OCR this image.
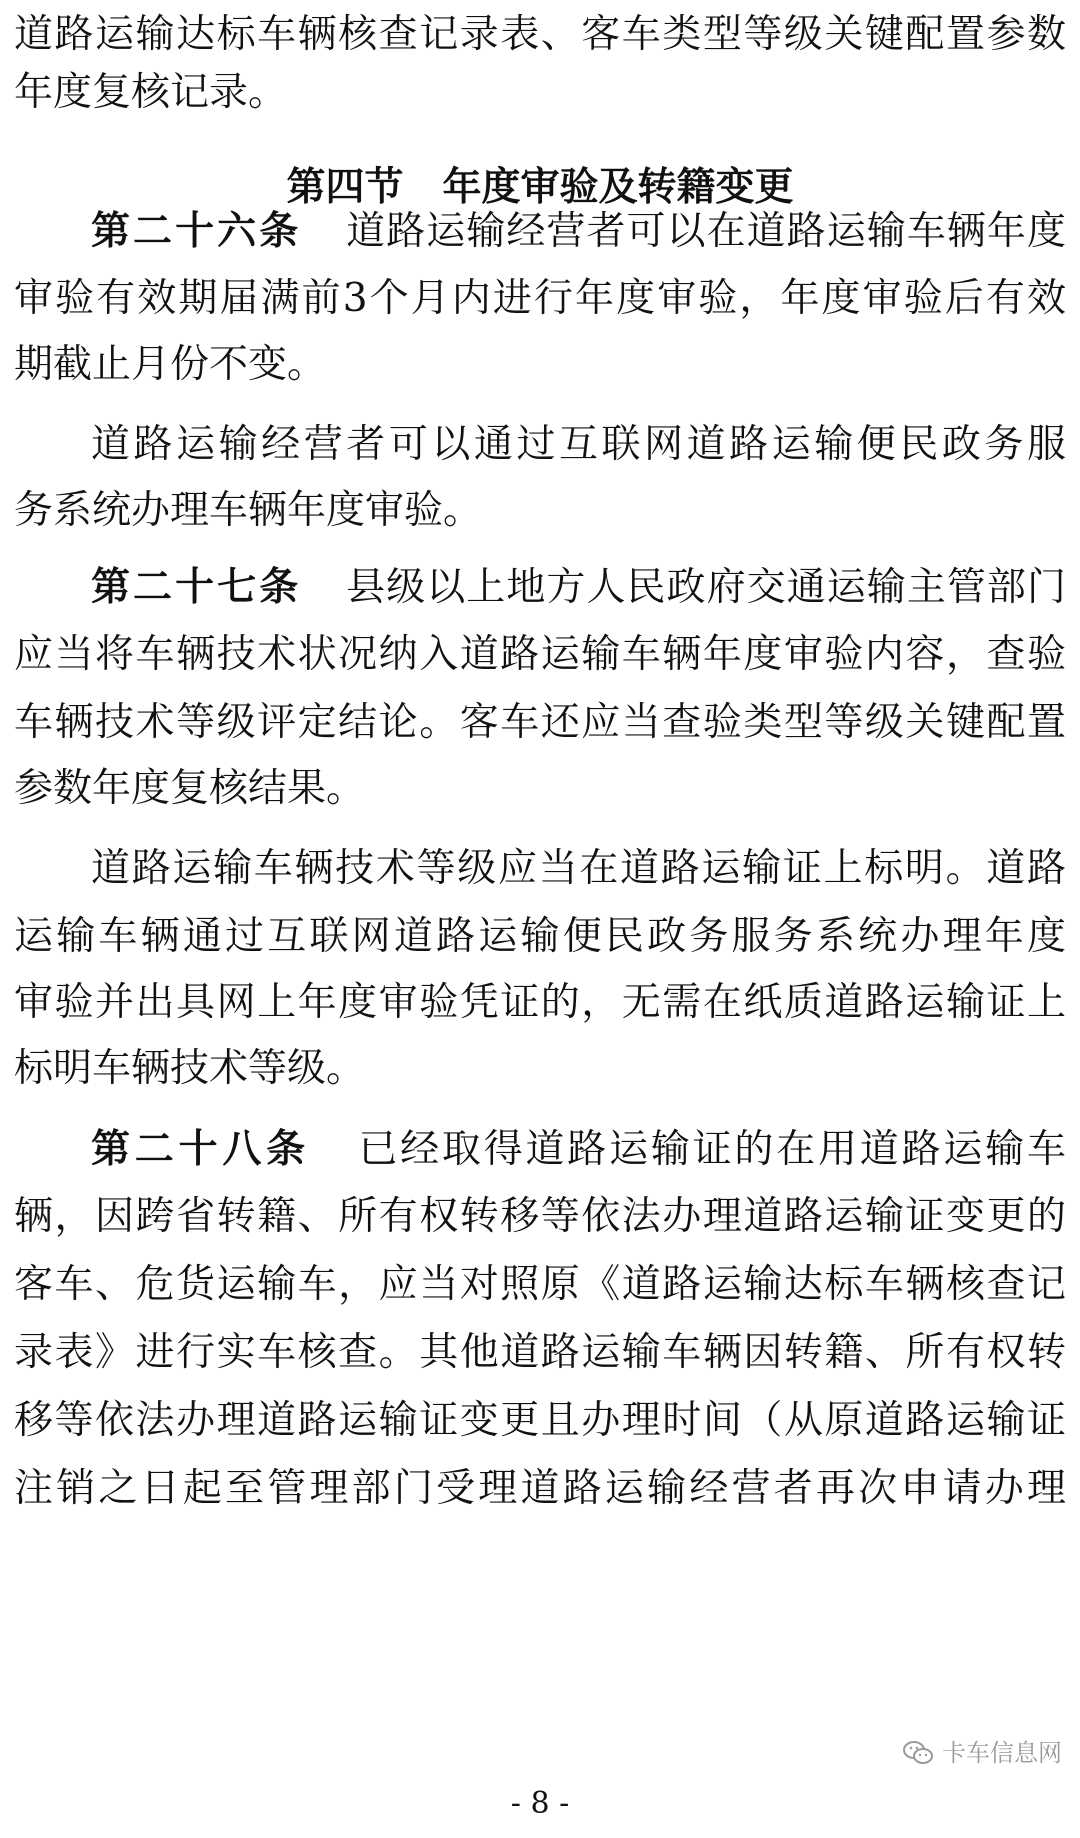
道路运输达标车辆核查记录表、客车类型等级关键配置参数
年度复核记录。
第四节　年度审验及转籍变更
第二十六条 道路运输经营者可以在道路运输车辆年度
审验有效期届满前3个月内进行年度审验，年度审验后有效
期截止月份不变。
道路运输经营者可以通过互联网道路运输便民政务服
务系统办理车辆年度审验。
第二十七条 县级以上地方人民政府交通运输主管部门
应当将车辆技术状况纳入道路运输车辆年度审验内容，查验
车辆技术等级评定结论。客车还应当查验类型等级关键配置
参数年度复核结果。
道路运输车辆技术等级应当在道路运输证上标明。道路
运输车辆通过互联网道路运输便民政务服务系统办理年度
审验并出具网上年度审验凭证的，无需在纸质道路运输证上
标明车辆技术等级。
第二十八条 已经取得道路运输证的在用道路运输车
辆，因跨省转籍、所有权转移等依法办理道路运输证变更的
客车、危货运输车，应当对照原《道路运输达标车辆核查记
录表》进行实车核查。其他道路运输车辆因转籍、所有权转
移等依法办理道路运输证变更且办理时间（从原道路运输证
注销之日起至管理部门受理道路运输经营者再次申请办理
卡车信息网
- 8 -
